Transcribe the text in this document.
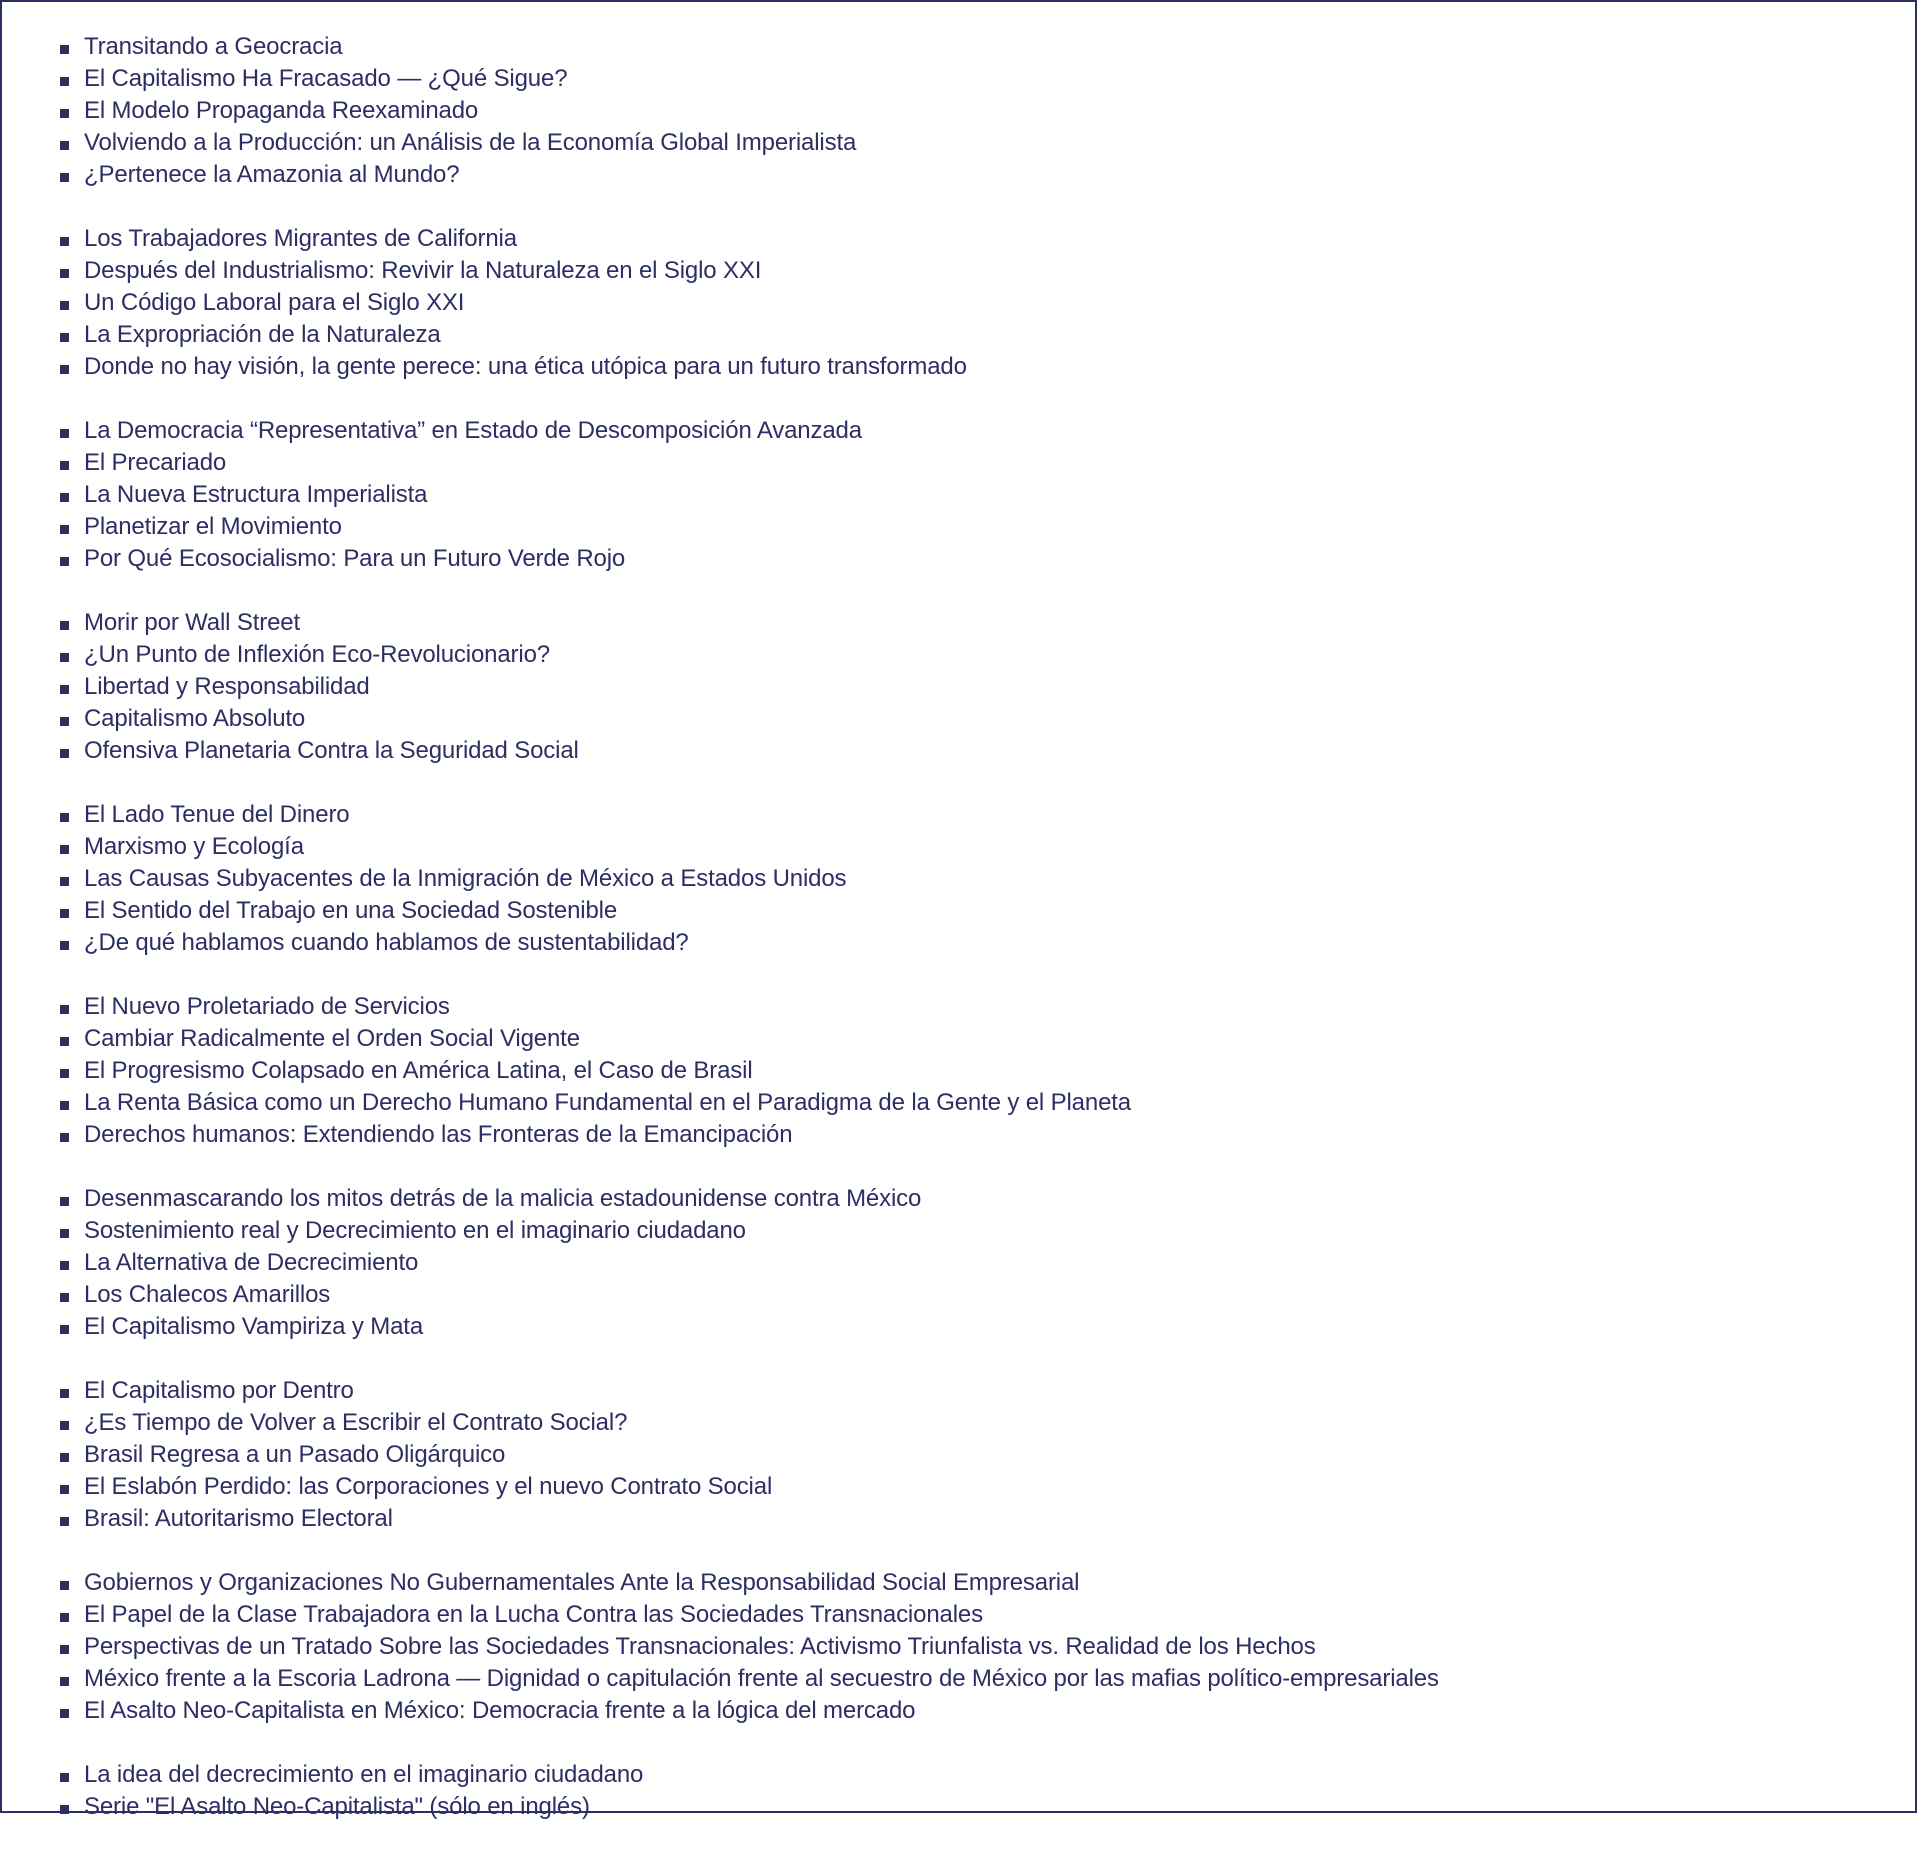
Transitando a Geocracia
El Capitalismo Ha Fracasado — ¿Qué Sigue?
El Modelo Propaganda Reexaminado
Volviendo a la Producción: un Análisis de la Economía Global Imperialista
¿Pertenece la Amazonia al Mundo?
Los Trabajadores Migrantes de California
Después del Industrialismo: Revivir la Naturaleza en el Siglo XXI
Un Código Laboral para el Siglo XXI
La Expropriación de la Naturaleza
Donde no hay visión, la gente perece: una ética utópica para un futuro transformado
La Democracia “Representativa” en Estado de Descomposición Avanzada
El Precariado
La Nueva Estructura Imperialista
Planetizar el Movimiento
Por Qué Ecosocialismo: Para un Futuro Verde Rojo
Morir por Wall Street
¿Un Punto de Inflexión Eco-Revolucionario?
Libertad y Responsabilidad
Capitalismo Absoluto
Ofensiva Planetaria Contra la Seguridad Social
El Lado Tenue del Dinero
Marxismo y Ecología
Las Causas Subyacentes de la Inmigración de México a Estados Unidos
El Sentido del Trabajo en una Sociedad Sostenible
¿De qué hablamos cuando hablamos de sustentabilidad?
El Nuevo Proletariado de Servicios
Cambiar Radicalmente el Orden Social Vigente
El Progresismo Colapsado en América Latina, el Caso de Brasil
La Renta Básica como un Derecho Humano Fundamental en el Paradigma de la Gente y el Planeta
Derechos humanos: Extendiendo las Fronteras de la Emancipación
Desenmascarando los mitos detrás de la malicia estadounidense contra México
Sostenimiento real y Decrecimiento en el imaginario ciudadano
La Alternativa de Decrecimiento
Los Chalecos Amarillos
El Capitalismo Vampiriza y Mata
El Capitalismo por Dentro
¿Es Tiempo de Volver a Escribir el Contrato Social?
Brasil Regresa a un Pasado Oligárquico
El Eslabón Perdido: las Corporaciones y el nuevo Contrato Social
Brasil: Autoritarismo Electoral
Gobiernos y Organizaciones No Gubernamentales Ante la Responsabilidad Social Empresarial
El Papel de la Clase Trabajadora en la Lucha Contra las Sociedades Transnacionales
Perspectivas de un Tratado Sobre las Sociedades Transnacionales: Activismo Triunfalista vs. Realidad de los Hechos
México frente a la Escoria Ladrona — Dignidad o capitulación frente al secuestro de México por las mafias político-empresariales
El Asalto Neo-Capitalista en México: Democracia frente a la lógica del mercado
La idea del decrecimiento en el imaginario ciudadano
Serie "El Asalto Neo-Capitalista" (sólo en inglés)
